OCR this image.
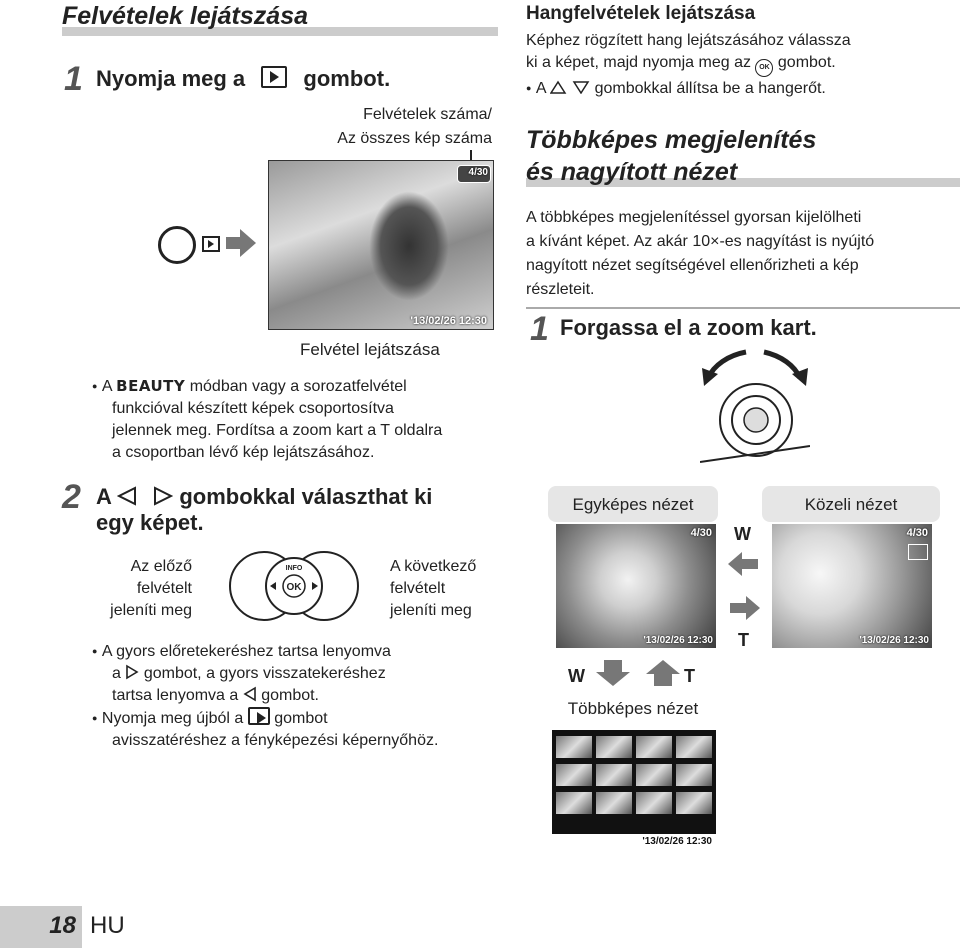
Felvételek lejátszása
1 Nyomja meg a	gombot.
Felvételek száma/
Az összes kép száma
4/30
'13/02/26 12:30
Felvétel lejátszása
● A BEAUTY módban vagy a sorozatfelvétel
funkcióval készített képek csoportosítva
jelennek meg. Fordítsa a zoom kart a T oldalra
a csoportban lévő kép lejátszásához.
2 A	gombokkal választhat ki
egy képet.
Az előző
felvételt
jeleníti meg
A következő
felvételt
jeleníti meg
INFO
OK
● A gyors előretekeréshez tartsa lenyomva
a gombot, a gyors visszatekeréshez
tartsa lenyomva a gombot.
● Nyomja meg újból a gombot
avisszatéréshez a fényképezési képernyőhöz.
Hangfelvételek lejátszása
Képhez rögzített hang lejátszásához válassza
ki a képet, majd nyomja meg az OK gombot.
● A	gombokkal állítsa be a hangerőt.
Többképes megjelenítés
és nagyított nézet
A többképes megjelenítéssel gyorsan kijelölheti
a kívánt képet. Az akár 10×-es nagyítást is nyújtó
nagyított nézet segítségével ellenőrizheti a kép
részleteit.
1 Forgassa el a zoom kart.
Egyképes nézet
4/30
'13/02/26 12:30
W
T
Közeli nézet
4/30
'13/02/26 12:30
W	T
Többképes nézet
'13/02/26 12:30
18 HU
